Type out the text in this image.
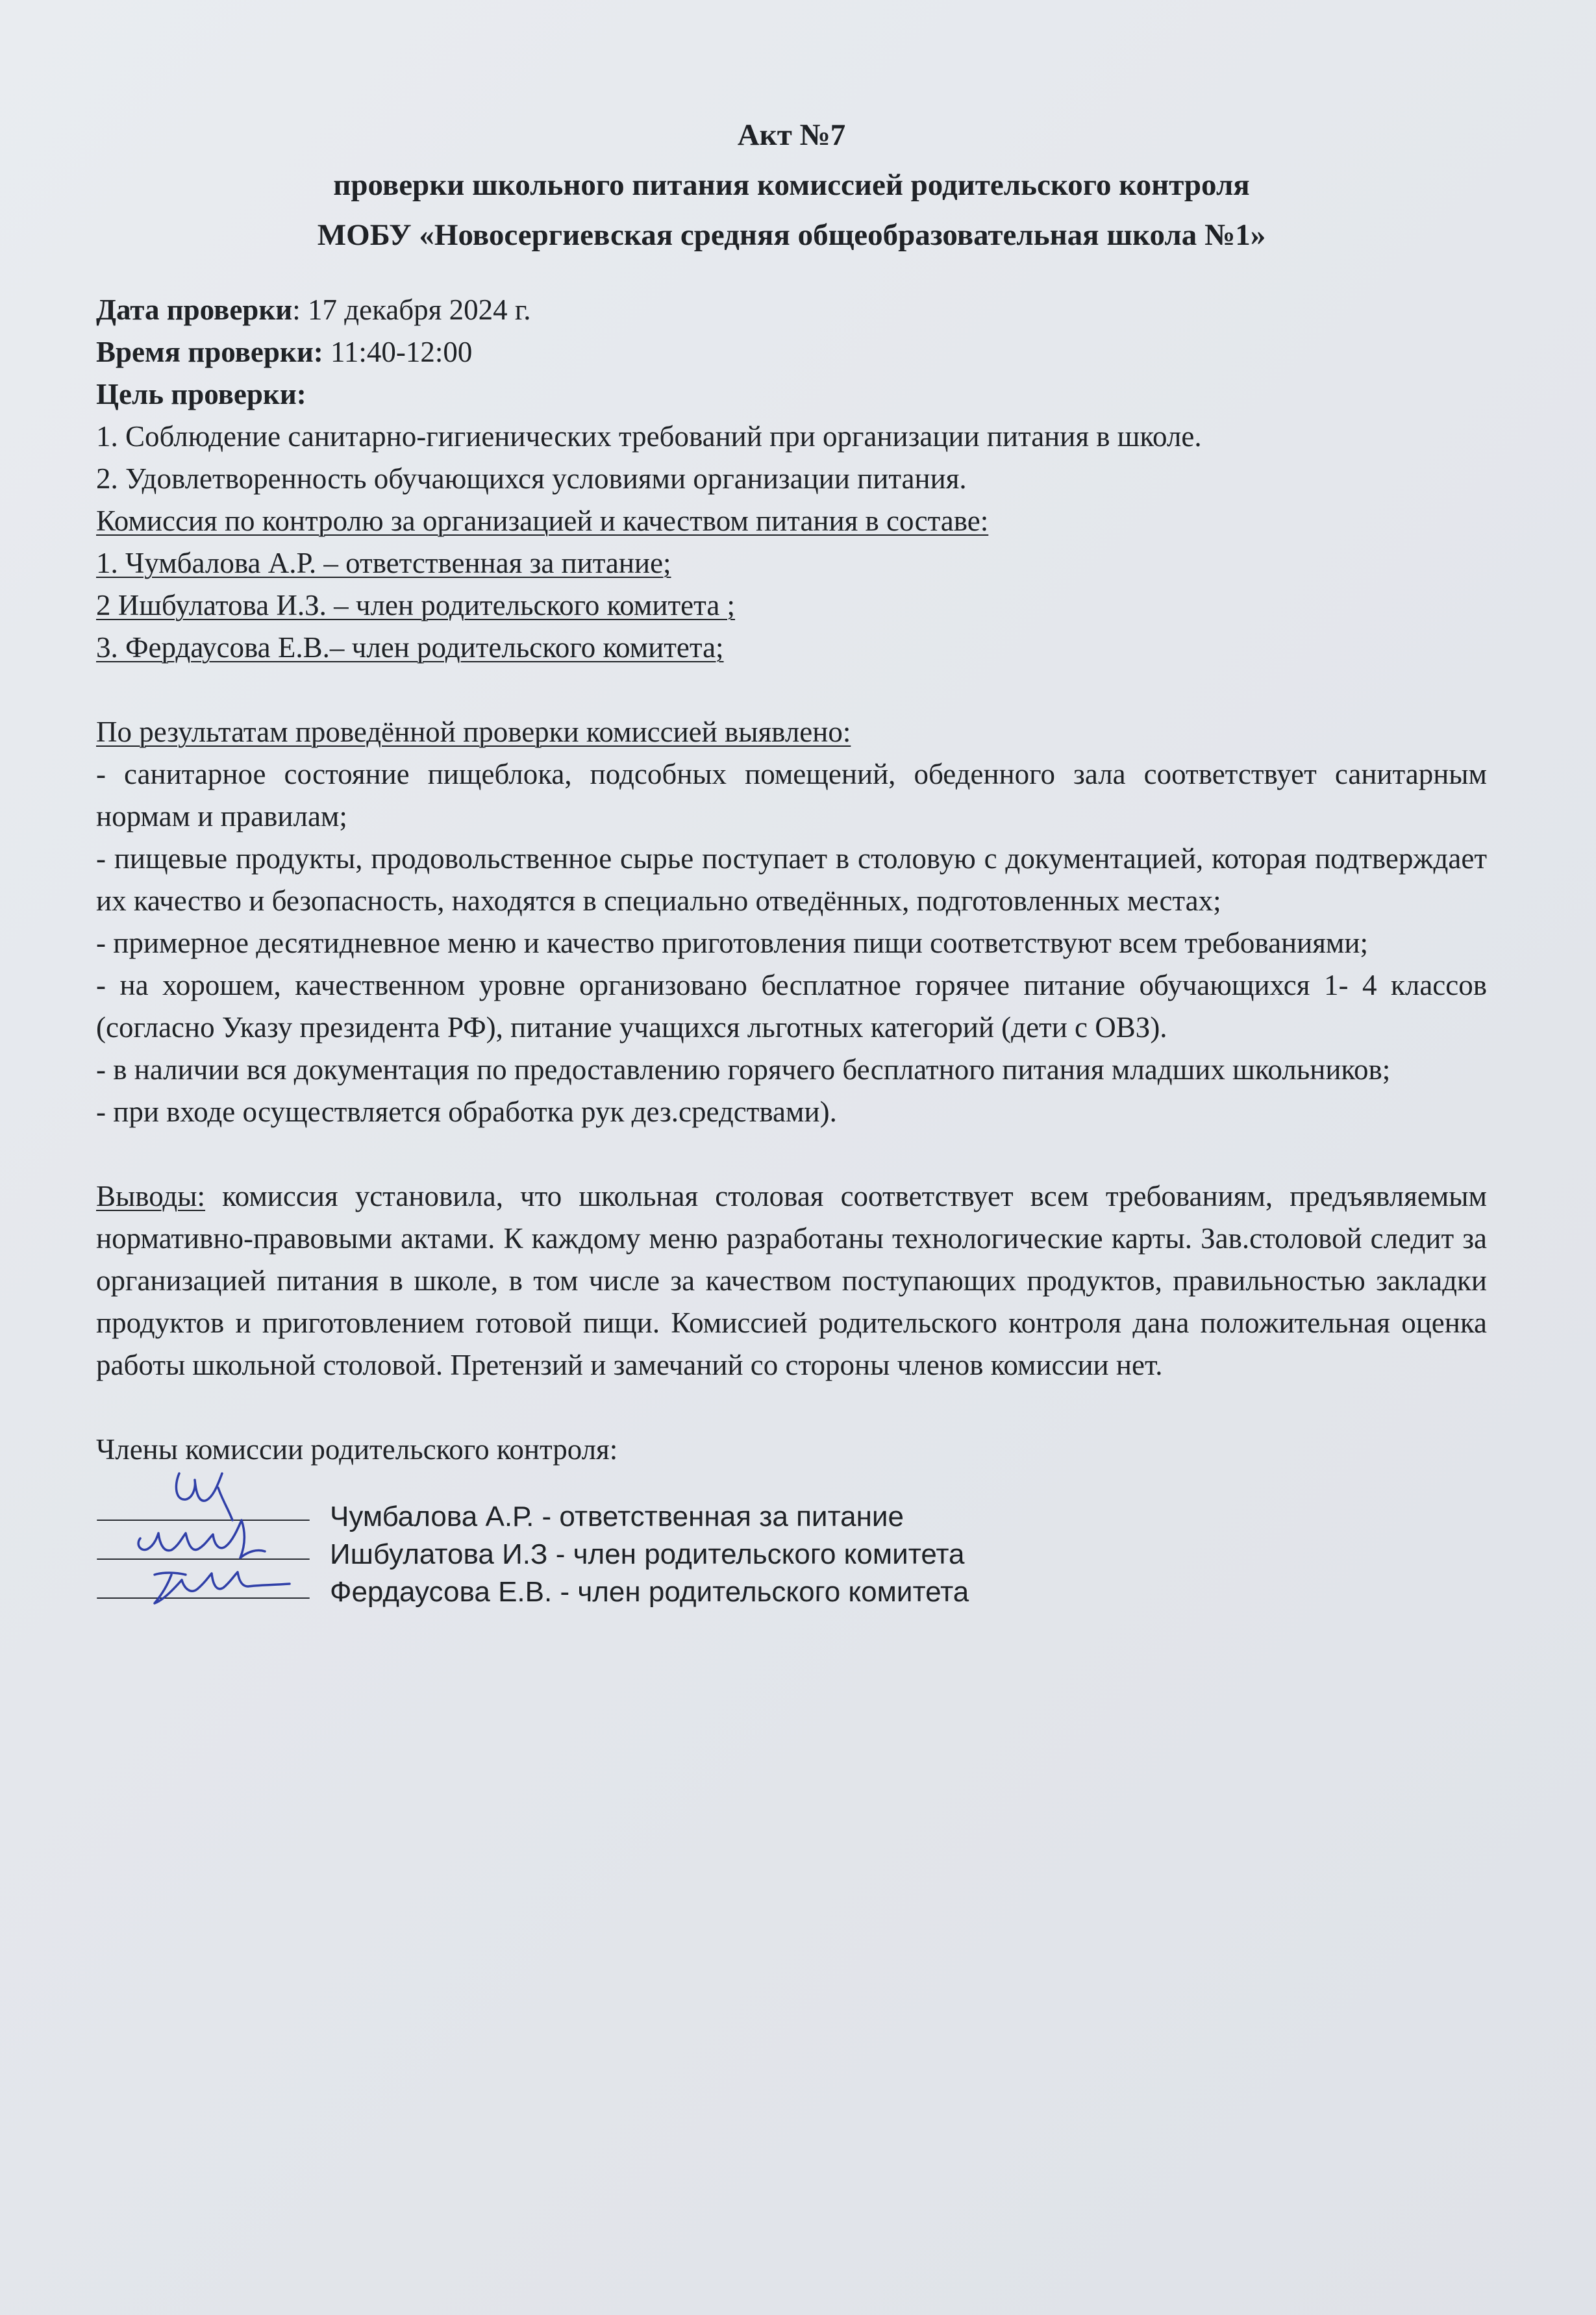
Акт №7
проверки школьного питания комиссией родительского контроля
МОБУ «Новосергиевская средняя общеобразовательная школа №1»

Дата проверки: 17 декабря 2024 г.

Время проверки: 11:40-12:00

Цель проверки:

1. Соблюдение санитарно-гигиенических требований при организации питания в школе.

2. Удовлетворенность обучающихся условиями организации питания.

Комиссия по контролю за организацией и качеством питания в составе:

1. Чумбалова А.Р. – ответственная за питание;

2 Ишбулатова И.З. – член родительского комитета ;

3. Фердаусова Е.В.– член родительского комитета;

По результатам проведённой проверки комиссией выявлено:

- санитарное состояние пищеблока, подсобных помещений, обеденного зала соответствует санитарным нормам и правилам;

- пищевые продукты, продовольственное сырье поступает в столовую с документацией, которая подтверждает их качество и безопасность, находятся в специально отведённых, подготовленных местах;

- примерное десятидневное меню и качество приготовления пищи соответствуют всем требованиями;

- на хорошем, качественном уровне организовано бесплатное горячее питание обучающихся 1- 4 классов (согласно Указу президента РФ), питание учащихся льготных категорий (дети с ОВЗ).

- в наличии вся документация по предоставлению горячего бесплатного питания младших школьников;

- при входе осуществляется обработка рук дез.средствами).

Выводы: комиссия установила, что школьная столовая соответствует всем требованиям, предъявляемым нормативно-правовыми актами. К каждому меню разработаны технологические карты. Зав.столовой следит за организацией питания в школе, в том числе за качеством поступающих продуктов, правильностью закладки продуктов и приготовлением готовой пищи. Комиссией родительского контроля дана положительная оценка работы школьной столовой. Претензий и замечаний со стороны членов комиссии нет.

Члены комиссии родительского контроля:

Чумбалова А.Р. - ответственная за питание
Ишбулатова И.З - член родительского комитета
Фердаусова Е.В. - член родительского комитета
